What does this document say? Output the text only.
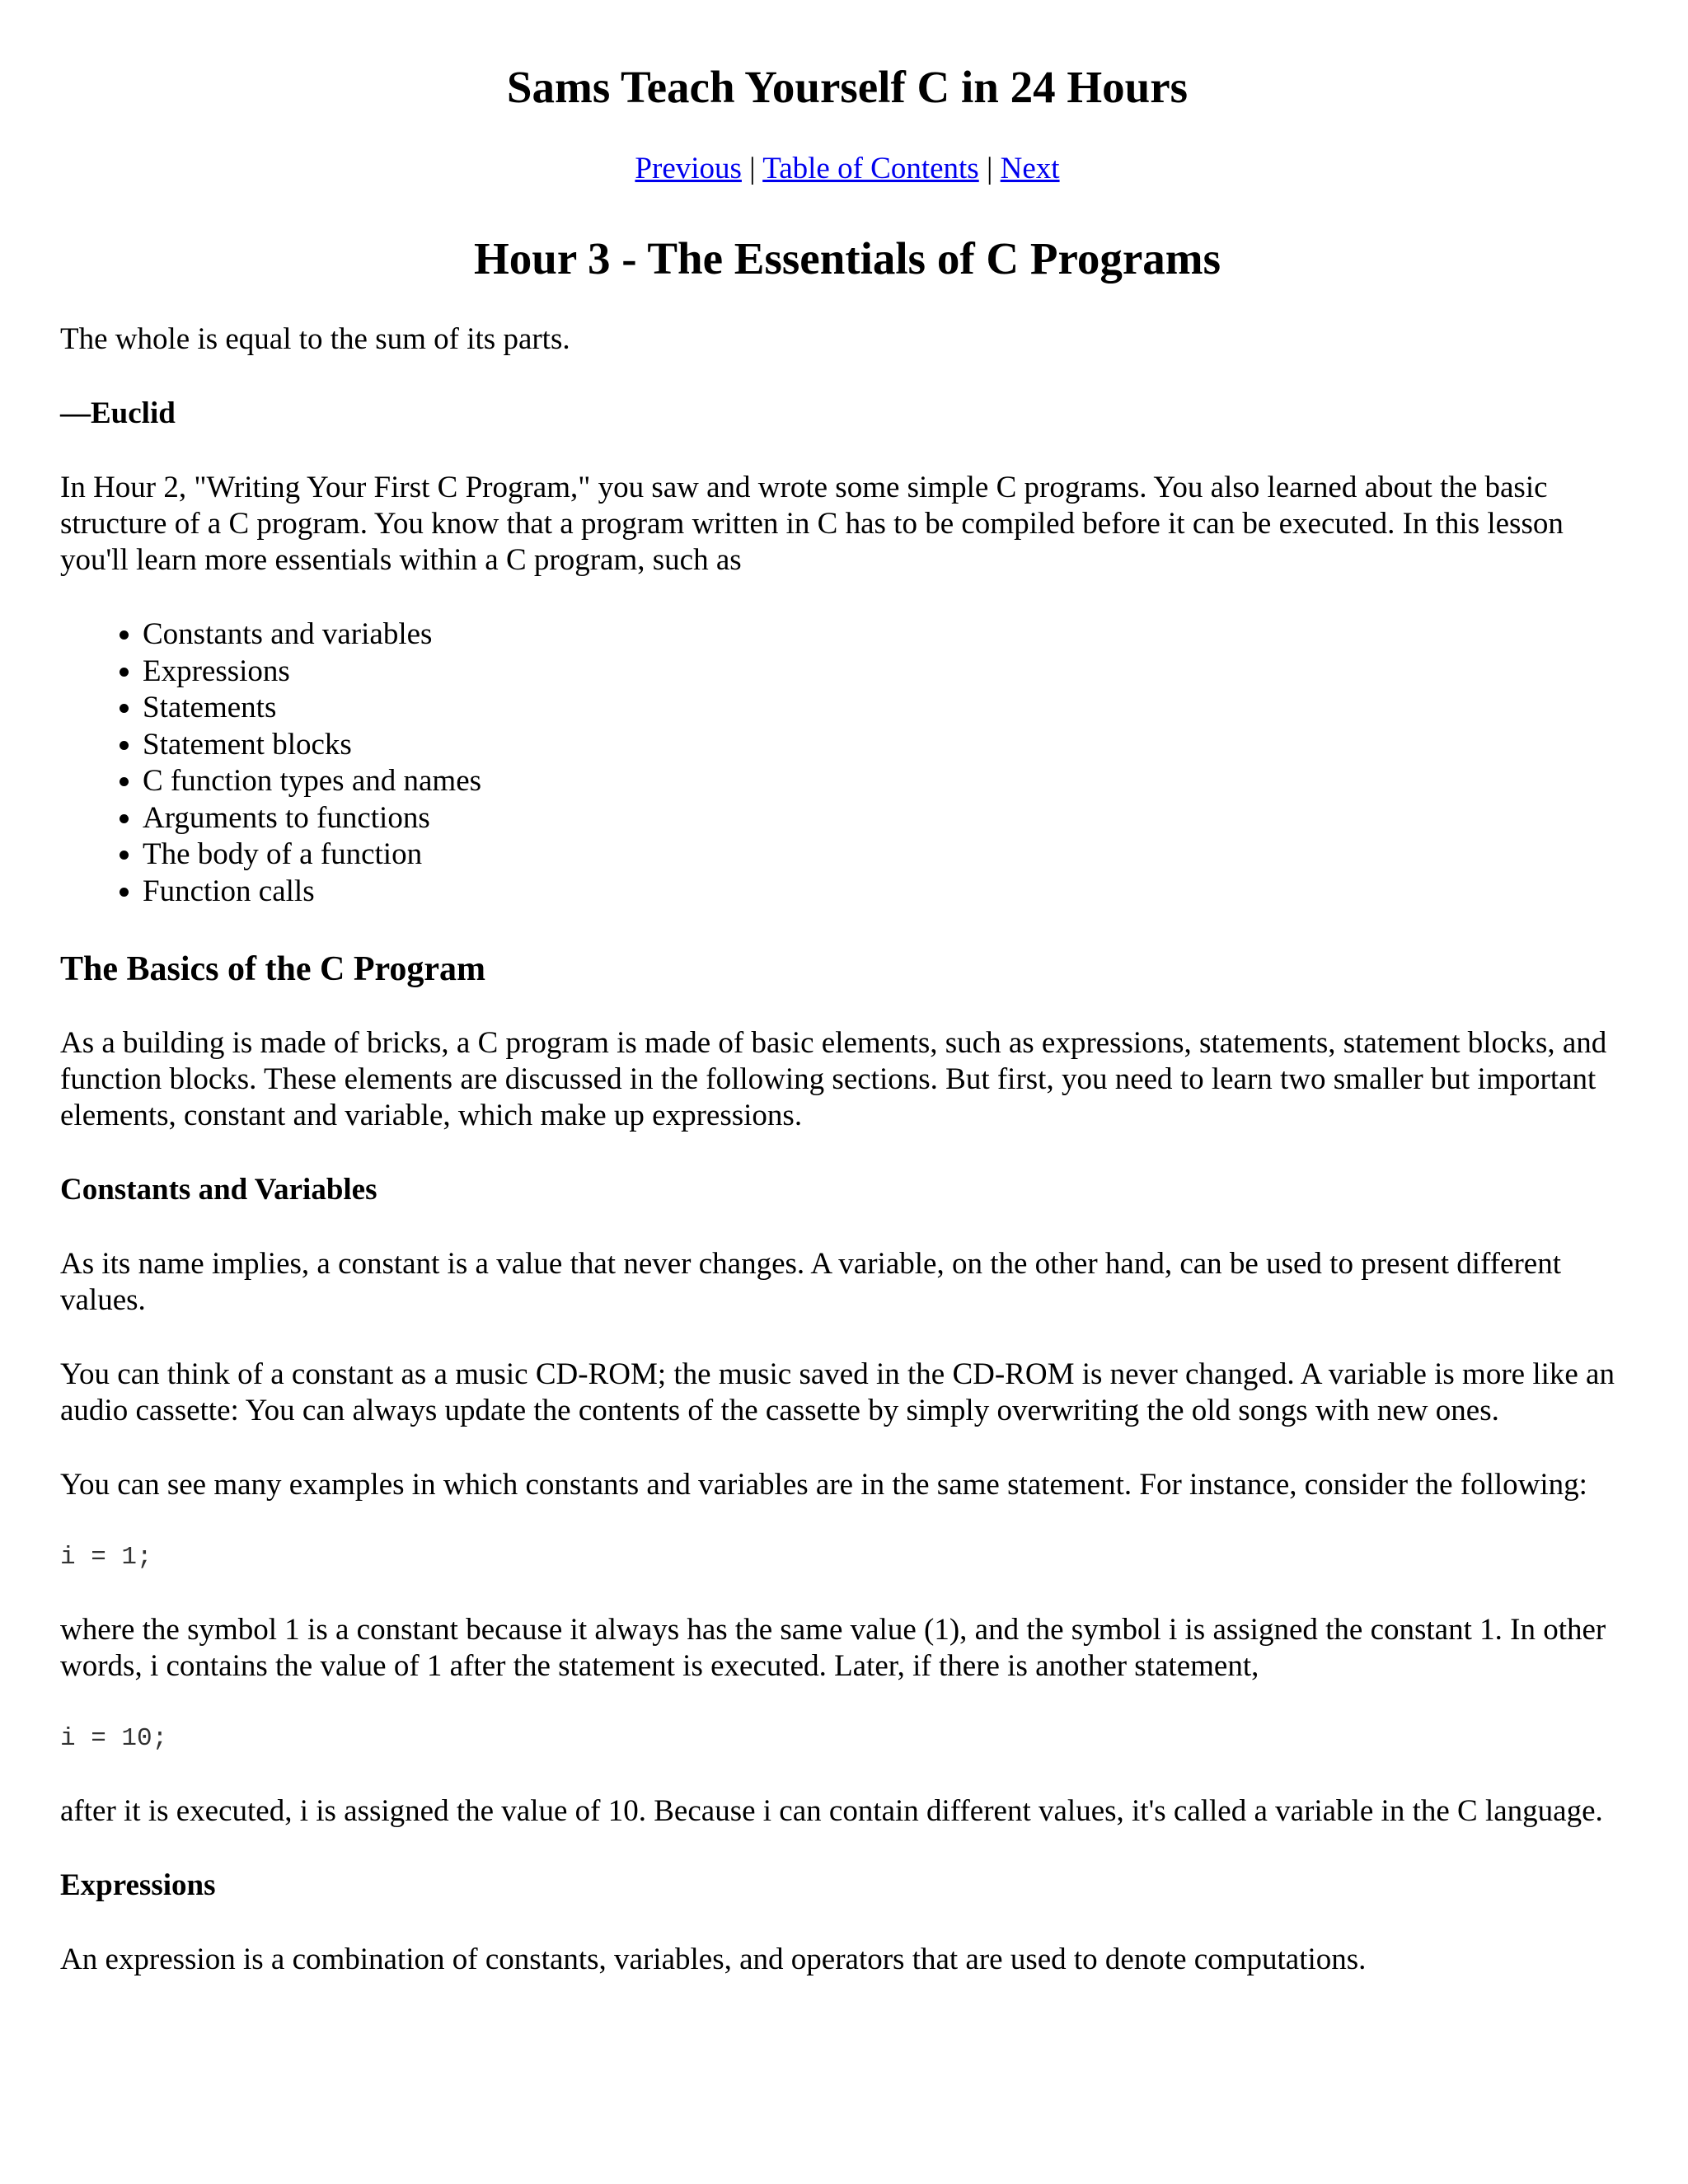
Sams Teach Yourself C in 24 Hours
Previous | Table of Contents | Next
Hour 3 - The Essentials of C Programs

The whole is equal to the sum of its parts.

—Euclid

In Hour 2, "Writing Your First C Program," you saw and wrote some simple C programs. You also learned about the basic structure of a C program. You know that a program written in C has to be compiled before it can be executed. In this lesson you'll learn more essentials within a C program, such as

• Constants and variables
• Expressions
• Statements
• Statement blocks
• C function types and names
• Arguments to functions
• The body of a function
• Function calls
The Basics of the C Program

As a building is made of bricks, a C program is made of basic elements, such as expressions, statements, statement blocks, and function blocks. These elements are discussed in the following sections. But first, you need to learn two smaller but important elements, constant and variable, which make up expressions.

Constants and Variables

As its name implies, a constant is a value that never changes. A variable, on the other hand, can be used to present different values.

You can think of a constant as a music CD-ROM; the music saved in the CD-ROM is never changed. A variable is more like an audio cassette: You can always update the contents of the cassette by simply overwriting the old songs with new ones.

You can see many examples in which constants and variables are in the same statement. For instance, consider the following:

i = 1;

where the symbol 1 is a constant because it always has the same value (1), and the symbol i is assigned the constant 1. In other words, i contains the value of 1 after the statement is executed. Later, if there is another statement,

i = 10;

after it is executed, i is assigned the value of 10. Because i can contain different values, it's called a variable in the C language.

Expressions

An expression is a combination of constants, variables, and operators that are used to denote computations.
